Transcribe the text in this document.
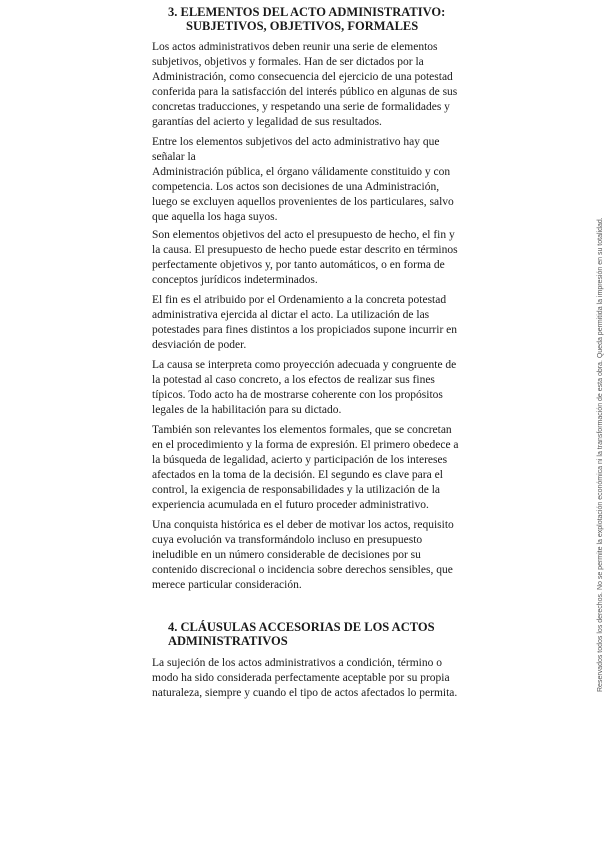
3. ELEMENTOS DEL ACTO ADMINISTRATIVO:
SUBJETIVOS, OBJETIVOS, FORMALES

Los actos administrativos deben reunir una serie de elementos
subjetivos, objetivos y formales. Han de ser dictados por la
Administración, como consecuencia del ejercicio de una potestad
conferida para la satisfacción del interés público en algunas de sus
concretas traducciones, y respetando una serie de formalidades y
garantías del acierto y legalidad de sus resultados.

Entre los elementos subjetivos del acto administrativo hay que
señalar la
Administración pública, el órgano válidamente constituido y con
competencia. Los actos son decisiones de una Administración,
luego se excluyen aquellos provenientes de los particulares, salvo
que aquella los haga suyos.

Son elementos objetivos del acto el presupuesto de hecho, el fin y
la causa. El presupuesto de hecho puede estar descrito en términos
perfectamente objetivos y, por tanto automáticos, o en forma de
conceptos jurídicos indeterminados.

El fin es el atribuido por el Ordenamiento a la concreta potestad
administrativa ejercida al dictar el acto. La utilización de las
potestades para fines distintos a los propiciados supone incurrir en
desviación de poder.

La causa se interpreta como proyección adecuada y congruente de
la potestad al caso concreto, a los efectos de realizar sus fines
típicos. Todo acto ha de mostrarse coherente con los propósitos
legales de la habilitación para su dictado.

También son relevantes los elementos formales, que se concretan
en el procedimiento y la forma de expresión. El primero obedece a
la búsqueda de legalidad, acierto y participación de los intereses
afectados en la toma de la decisión. El segundo es clave para el
control, la exigencia de responsabilidades y la utilización de la
experiencia acumulada en el futuro proceder administrativo.

Una conquista histórica es el deber de motivar los actos, requisito
cuya evolución va transformándolo incluso en presupuesto
ineludible en un número considerable de decisiones por su
contenido discrecional o incidencia sobre derechos sensibles, que
merece particular consideración.

4. CLÁUSULAS ACCESORIAS DE LOS ACTOS
ADMINISTRATIVOS

La sujeción de los actos administrativos a condición, término o
modo ha sido considerada perfectamente aceptable por su propia
naturaleza, siempre y cuando el tipo de actos afectados lo permita.

Reservados todos los derechos. No se permite la explotación económica ni la transformación de esta obra. Queda permitida la impresión en su totalidad.
